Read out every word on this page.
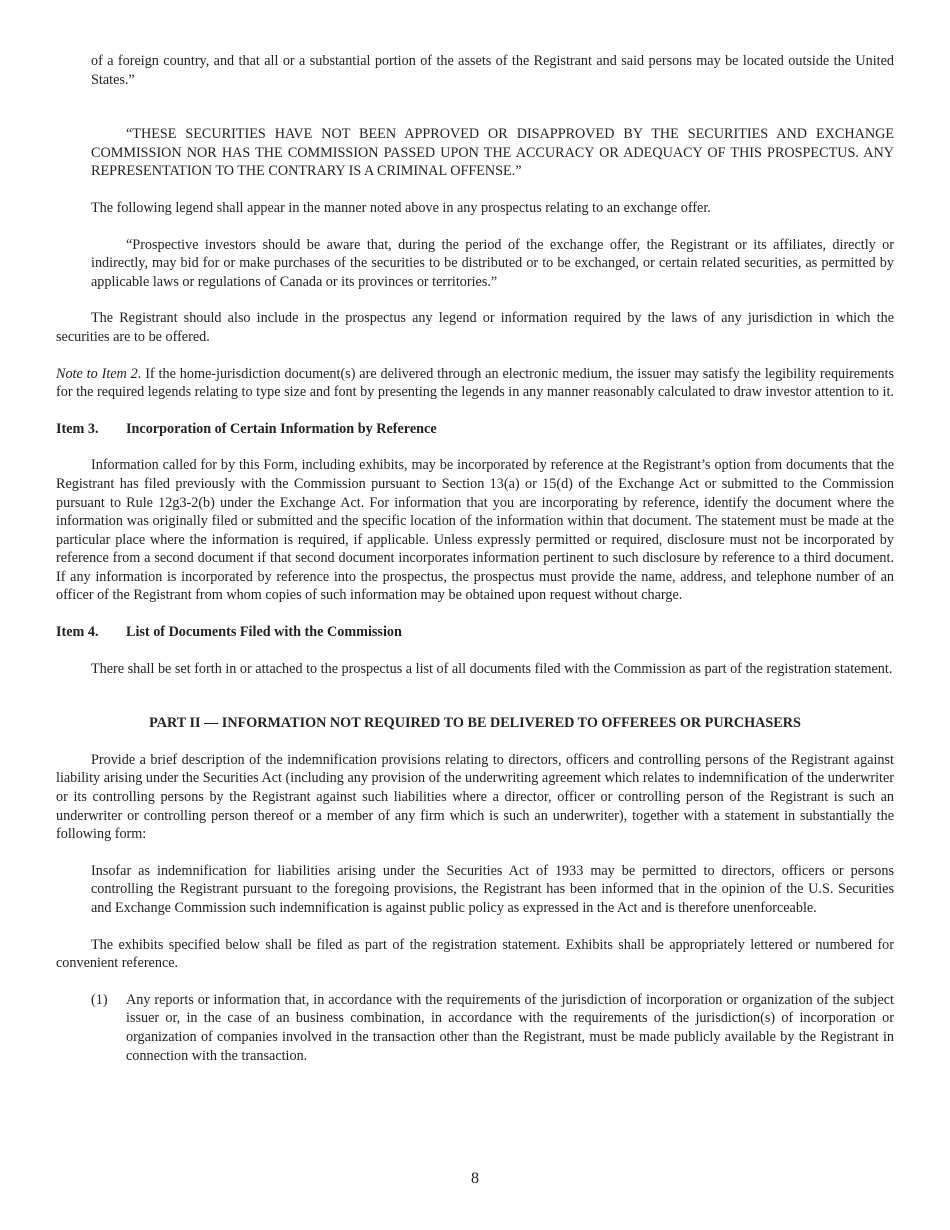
of a foreign country, and that all or a substantial portion of the assets of the Registrant and said persons may be located outside the United States.”

“THESE SECURITIES HAVE NOT BEEN APPROVED OR DISAPPROVED BY THE SECURITIES AND EXCHANGE COMMISSION NOR HAS THE COMMISSION PASSED UPON THE ACCURACY OR ADEQUACY OF THIS PROSPECTUS. ANY REPRESENTATION TO THE CONTRARY IS A CRIMINAL OFFENSE.”

The following legend shall appear in the manner noted above in any prospectus relating to an exchange offer.

“Prospective investors should be aware that, during the period of the exchange offer, the Registrant or its affiliates, directly or indirectly, may bid for or make purchases of the securities to be distributed or to be exchanged, or certain related securities, as permitted by applicable laws or regulations of Canada or its provinces or territories.”

The Registrant should also include in the prospectus any legend or information required by the laws of any jurisdiction in which the securities are to be offered.

Note to Item 2. If the home-jurisdiction document(s) are delivered through an electronic medium, the issuer may satisfy the legibility requirements for the required legends relating to type size and font by presenting the legends in any manner reasonably calculated to draw investor attention to it.

Item 3. Incorporation of Certain Information by Reference

Information called for by this Form, including exhibits, may be incorporated by reference at the Registrant’s option from documents that the Registrant has filed previously with the Commission pursuant to Section 13(a) or 15(d) of the Exchange Act or submitted to the Commission pursuant to Rule 12g3-2(b) under the Exchange Act. For information that you are incorporating by reference, identify the document where the information was originally filed or submitted and the specific location of the information within that document. The statement must be made at the particular place where the information is required, if applicable. Unless expressly permitted or required, disclosure must not be incorporated by reference from a second document if that second document incorporates information pertinent to such disclosure by reference to a third document. If any information is incorporated by reference into the prospectus, the prospectus must provide the name, address, and telephone number of an officer of the Registrant from whom copies of such information may be obtained upon request without charge.

Item 4. List of Documents Filed with the Commission

There shall be set forth in or attached to the prospectus a list of all documents filed with the Commission as part of the registration statement.

PART II — INFORMATION NOT REQUIRED TO BE DELIVERED TO OFFEREES OR PURCHASERS

Provide a brief description of the indemnification provisions relating to directors, officers and controlling persons of the Registrant against liability arising under the Securities Act (including any provision of the underwriting agreement which relates to indemnification of the underwriter or its controlling persons by the Registrant against such liabilities where a director, officer or controlling person of the Registrant is such an underwriter or controlling person thereof or a member of any firm which is such an underwriter), together with a statement in substantially the following form:

Insofar as indemnification for liabilities arising under the Securities Act of 1933 may be permitted to directors, officers or persons controlling the Registrant pursuant to the foregoing provisions, the Registrant has been informed that in the opinion of the U.S. Securities and Exchange Commission such indemnification is against public policy as expressed in the Act and is therefore unenforceable.

The exhibits specified below shall be filed as part of the registration statement. Exhibits shall be appropriately lettered or numbered for convenient reference.

(1)	Any reports or information that, in accordance with the requirements of the jurisdiction of incorporation or organization of the subject issuer or, in the case of an business combination, in accordance with the requirements of the jurisdiction(s) of incorporation or organization of companies involved in the transaction other than the Registrant, must be made publicly available by the Registrant in connection with the transaction.

8
